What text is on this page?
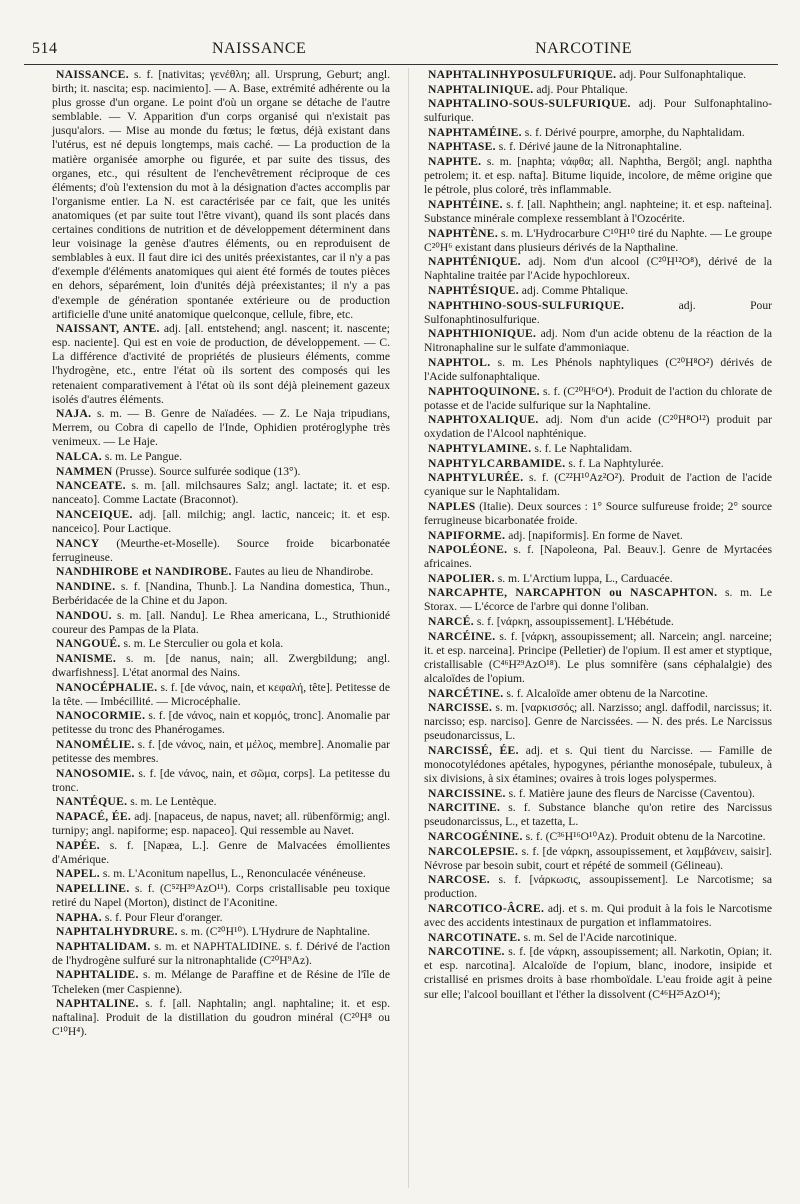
514	NAISSANCE	NARCOTINE

NAISSANCE. s. f. [nativitas; γενέθλη; all. Ursprung, Geburt; angl. birth; it. nascita; esp. nacimiento]. — A. Base, extrémité adhérente ou la plus grosse d'un organe. Le point d'où un organe se détache de l'autre semblable. — V. Apparition d'un corps organisé qui n'existait pas jusqu'alors. — Mise au monde du fœtus; le fœtus, déjà existant dans l'utérus, est né depuis longtemps, mais caché. — La production de la matière organisée amorphe ou figurée, et par suite des tissus, des organes, etc., qui résultent de l'enchevêtrement réciproque de ces éléments; d'où l'extension du mot à la désignation d'actes accomplis par l'organisme entier. La N. est caractérisée par ce fait, que les unités anatomiques (et par suite tout l'être vivant), quand ils sont placés dans certaines conditions de nutrition et de développement déterminent dans leur voisinage la genèse d'autres éléments, ou en reproduisent de semblables à eux. Il faut dire ici des unités préexistantes, car il n'y a pas d'exemple d'éléments anatomiques qui aient été formés de toutes pièces en dehors, séparément, loin d'unités déjà préexistantes; il n'y a pas d'exemple de génération spontanée extérieure ou de production artificielle d'une unité anatomique quelconque, cellule, fibre, etc.

NAISSANT, ANTE. adj. [all. entstehend; angl. nascent; it. nascente; esp. naciente]. Qui est en voie de production, de développement. — C. La différence d'activité de propriétés de plusieurs éléments, comme l'hydrogène, etc., entre l'état où ils sortent des composés qui les retenaient comparativement à l'état où ils sont déjà pleinement gazeux isolés d'autres éléments.

NAJA. s. m. — B. Genre de Naïadées. — Z. Le Naja tripudians, Merrem, ou Cobra di capello de l'Inde, Ophidien protéroglyphe très venimeux. — Le Haje.

NALCA. s. m. Le Pangue.

NAMMEN (Prusse). Source sulfurée sodique (13°).

NANCEATE. s. m. [all. milchsaures Salz; angl. lactate; it. et esp. nanceato]. Comme Lactate (Braconnot).

NANCEIQUE. adj. [all. milchig; angl. lactic, nanceic; it. et esp. nanceico]. Pour Lactique.

NANCY (Meurthe-et-Moselle). Source froide bicarbonatée ferrugineuse.

NANDHIROBE et NANDIROBE. Fautes au lieu de Nhandirobe.

NANDINE. s. f. [Nandina, Thunb.]. La Nandina domestica, Thun., Berbéridacée de la Chine et du Japon.

NANDOU. s. m. [all. Nandu]. Le Rhea americana, L., Struthionidé coureur des Pampas de la Plata.

NANGOUÉ. s. m. Le Sterculier ou gola et kola.

NANISME. s. m. [de nanus, nain; all. Zwergbildung; angl. dwarfishness]. L'état anormal des Nains.

NANOCÉPHALIE. s. f. [de νάνος, nain, et κεφαλή, tête]. Petitesse de la tête. — Imbécillité. — Microcéphalie.

NANOCORMIE. s. f. [de νάνος, nain et κορμός, tronc]. Anomalie par petitesse du tronc des Phanérogames.

NANOMÉLIE. s. f. [de νάνος, nain, et μέλος, membre]. Anomalie par petitesse des membres.

NANOSOMIE. s. f. [de νάνος, nain, et σῶμα, corps]. La petitesse du tronc.

NANTÉQUE. s. m. Le Lentèque.

NAPACÉ, ÉE. adj. [napaceus, de napus, navet; all. rübenförmig; angl. turnipy; angl. napiforme; esp. napaceo]. Qui ressemble au Navet.

NAPÉE. s. f. [Napæa, L.]. Genre de Malvacées émollientes d'Amérique.

NAPEL. s. m. L'Aconitum napellus, L., Renonculacée vénéneuse.

NAPELLINE. s. f. (C⁵²H³⁹AzO¹¹). Corps cristallisable peu toxique retiré du Napel (Morton), distinct de l'Aconitine.

NAPHA. s. f. Pour Fleur d'oranger.

NAPHTALHYDRURE. s. m. (C²⁰H¹⁰). L'Hydrure de Naphtaline.

NAPHTALIDAM. s. m. et NAPHTALIDINE. s. f. Dérivé de l'action de l'hydrogène sulfuré sur la nitronaphtalide (C²⁰H⁹Az).

NAPHTALIDE. s. m. Mélange de Paraffine et de Résine de l'île de Tcheleken (mer Caspienne).

NAPHTALINE. s. f. [all. Naphtalin; angl. naphtaline; it. et esp. naftalina]. Produit de la distillation du goudron minéral (C²⁰H⁸ ou C¹⁰H⁴).

NAPHTALINHYPOSULFURIQUE. adj. Pour Sulfonaphtalique.

NAPHTALINIQUE. adj. Pour Phtalique.

NAPHTALINO-SOUS-SULFURIQUE. adj. Pour Sulfonaphtalino-sulfurique.

NAPHTAMÉINE. s. f. Dérivé pourpre, amorphe, du Naphtalidam.

NAPHTASE. s. f. Dérivé jaune de la Nitronaphtaline.

NAPHTE. s. m. [naphta; νάφθα; all. Naphtha, Bergöl; angl. naphtha petrolem; it. et esp. nafta]. Bitume liquide, incolore, de même origine que le pétrole, plus coloré, très inflammable.

NAPHTÉINE. s. f. [all. Naphthein; angl. naphteine; it. et esp. nafteina]. Substance minérale complexe ressemblant à l'Ozocérite.

NAPHTÈNE. s. m. L'Hydrocarbure C¹⁰H¹⁰ tiré du Naphte. — Le groupe C²⁰H⁶ existant dans plusieurs dérivés de la Napthaline.

NAPHTÉNIQUE. adj. Nom d'un alcool (C²⁰H¹²O⁸), dérivé de la Naphtaline traitée par l'Acide hypochloreux.

NAPHTÉSIQUE. adj. Comme Phtalique.

NAPHTHINO-SOUS-SULFURIQUE. adj. Pour Sulfonaphtinosulfurique.

NAPHTHIONIQUE. adj. Nom d'un acide obtenu de la réaction de la Nitronaphaline sur le sulfate d'ammoniaque.

NAPHTOL. s. m. Les Phénols naphtyliques (C²⁰H⁸O²) dérivés de l'Acide sulfonaphtalique.

NAPHTOQUINONE. s. f. (C²⁰H⁶O⁴). Produit de l'action du chlorate de potasse et de l'acide sulfurique sur la Naphtaline.

NAPHTOXALIQUE. adj. Nom d'un acide (C²⁰H⁸O¹²) produit par oxydation de l'Alcool naphténique.

NAPHTYLAMINE. s. f. Le Naphtalidam.

NAPHTYLCARBAMIDE. s. f. La Naphtylurée.

NAPHTYLURÉE. s. f. (C²²H¹⁰Az²O²). Produit de l'action de l'acide cyanique sur le Naphtalidam.

NAPLES (Italie). Deux sources : 1° Source sulfureuse froide; 2° source ferrugineuse bicarbonatée froide.

NAPIFORME. adj. [napiformis]. En forme de Navet.

NAPOLÉONE. s. f. [Napoleona, Pal. Beauv.]. Genre de Myrtacées africaines.

NAPOLIER. s. m. L'Arctium luppa, L., Carduacée.

NARCAPHTE, NARCAPHTON ou NASCAPHTON. s. m. Le Storax. — L'écorce de l'arbre qui donne l'oliban.

NARCÉ. s. f. [νάρκη, assoupissement]. L'Hébétude.

NARCÉINE. s. f. [νάρκη, assoupissement; all. Narcein; angl. narceine; it. et esp. narceina]. Principe (Pelletier) de l'opium. Il est amer et styptique, cristallisable (C⁴⁶H²⁹AzO¹⁸). Le plus somnifère (sans céphalalgie) des alcaloïdes de l'opium.

NARCÉTINE. s. f. Alcaloïde amer obtenu de la Narcotine.

NARCISSE. s. m. [ναρκισσός; all. Narzisso; angl. daffodil, narcissus; it. narcisso; esp. narciso]. Genre de Narcissées. — N. des prés. Le Narcissus pseudonarcissus, L.

NARCISSÉ, ÉE. adj. et s. Qui tient du Narcisse. — Famille de monocotylédones apétales, hypogynes, périanthe monosépale, tubuleux, à six divisions, à six étamines; ovaires à trois loges polyspermes.

NARCISSINE. s. f. Matière jaune des fleurs de Narcisse (Caventou).

NARCITINE. s. f. Substance blanche qu'on retire des Narcissus pseudonarcissus, L., et tazetta, L.

NARCOGÉNINE. s. f. (C³⁶H¹⁶O¹⁰Az). Produit obtenu de la Narcotine.

NARCOLEPSIE. s. f. [de νάρκη, assoupissement, et λαμβάνειν, saisir]. Névrose par besoin subit, court et répété de sommeil (Gélineau).

NARCOSE. s. f. [νάρκωσις, assoupissement]. Le Narcotisme; sa production.

NARCOTICO-ÂCRE. adj. et s. m. Qui produit à la fois le Narcotisme avec des accidents intestinaux de purgation et inflammatoires.

NARCOTINATE. s. m. Sel de l'Acide narcotinique.

NARCOTINE. s. f. [de νάρκη, assoupissement; all. Narkotin, Opian; it. et esp. narcotina]. Alcaloïde de l'opium, blanc, inodore, insipide et cristallisé en prismes droits à base rhomboïdale. L'eau froide agit à peine sur elle; l'alcool bouillant et l'éther la dissolvent (C⁴⁶H²⁵AzO¹⁴);
